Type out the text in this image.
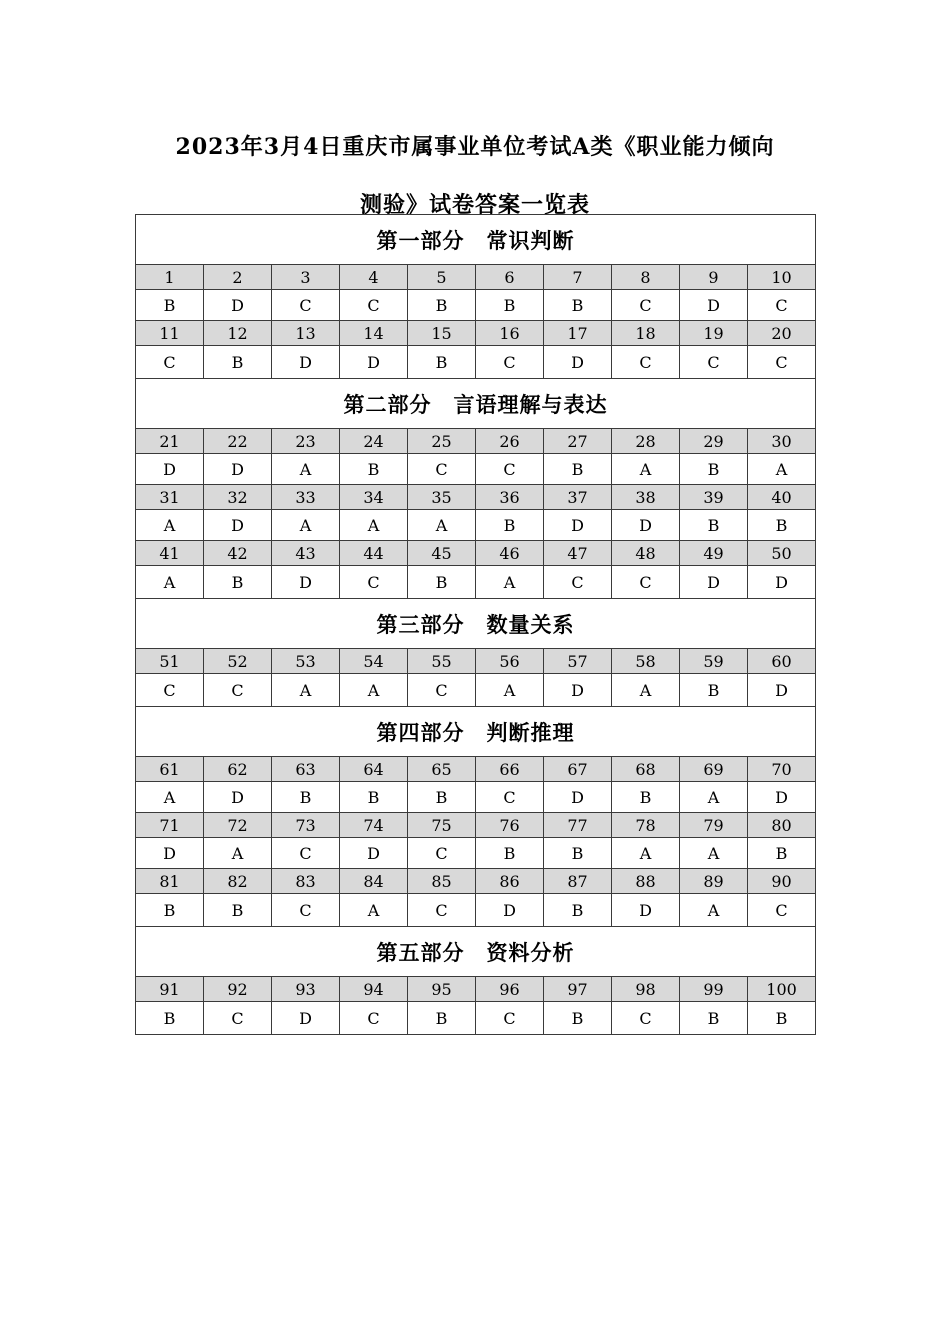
2023年3月4日重庆市属事业单位考试A类《职业能力倾向
测验》试卷答案一览表
第一部分　常识判断									
1	2	3	4	5	6	7	8	9	10
B	D	C	C	B	B	B	C	D	C
11	12	13	14	15	16	17	18	19	20
C	B	D	D	B	C	D	C	C	C
第二部分　言语理解与表达									
21	22	23	24	25	26	27	28	29	30
D	D	A	B	C	C	B	A	B	A
31	32	33	34	35	36	37	38	39	40
A	D	A	A	A	B	D	D	B	B
41	42	43	44	45	46	47	48	49	50
A	B	D	C	B	A	C	C	D	D
第三部分　数量关系									
51	52	53	54	55	56	57	58	59	60
C	C	A	A	C	A	D	A	B	D
第四部分　判断推理									
61	62	63	64	65	66	67	68	69	70
A	D	B	B	B	C	D	B	A	D
71	72	73	74	75	76	77	78	79	80
D	A	C	D	C	B	B	A	A	B
81	82	83	84	85	86	87	88	89	90
B	B	C	A	C	D	B	D	A	C
第五部分　资料分析									
91	92	93	94	95	96	97	98	99	100
B	C	D	C	B	C	B	C	B	B
